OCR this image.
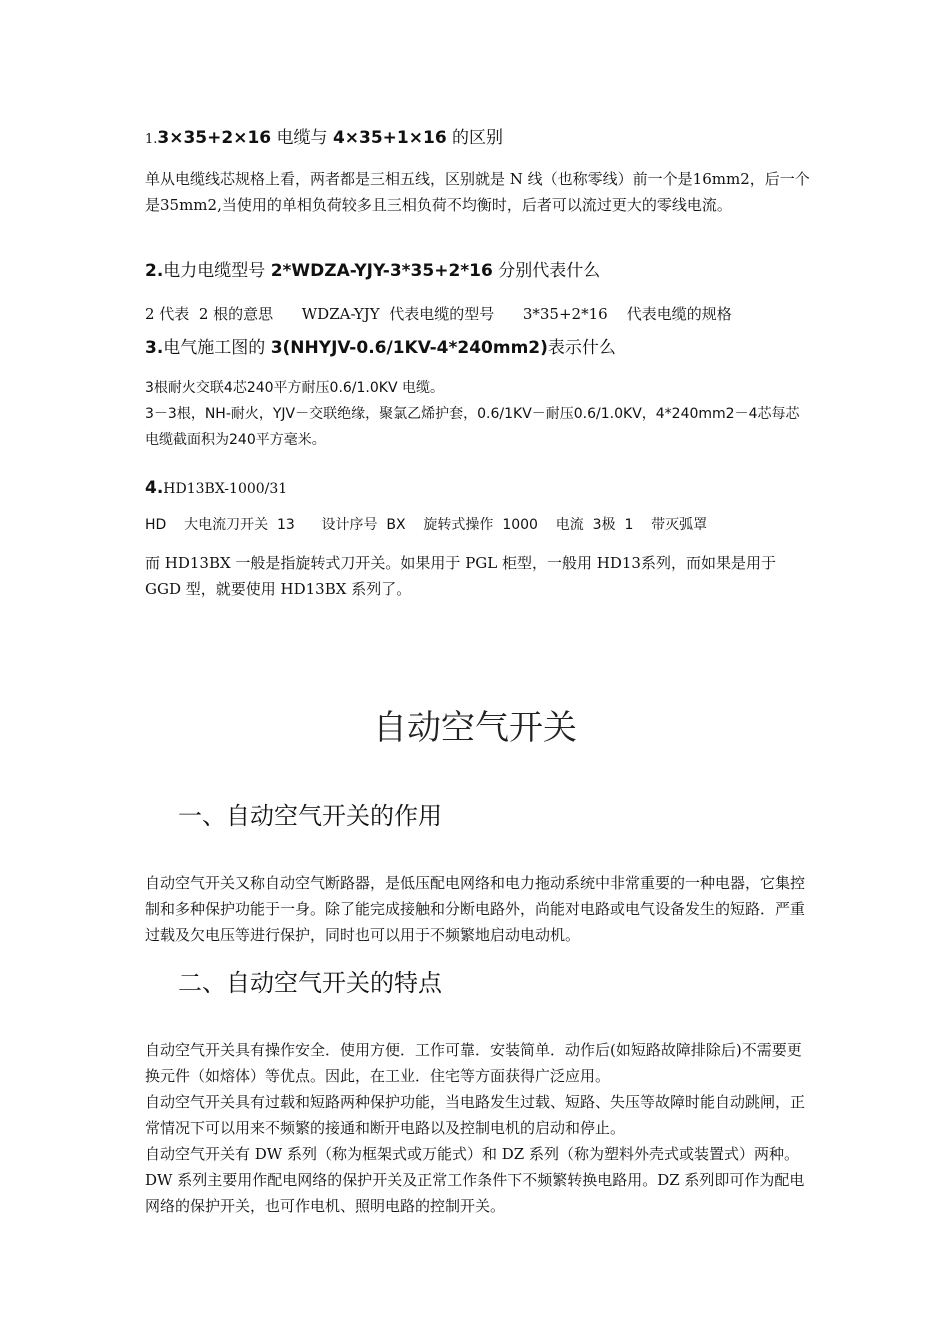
1.3×35+2×16 电缆与 4×35+1×16 的区别
单从电缆线芯规格上看，两者都是三相五线，区别就是 N 线（也称零线）前一个是16mm2，后一个是35mm2,当使用的单相负荷较多且三相负荷不均衡时，后者可以流过更大的零线电流。
2.电力电缆型号 2*WDZA-YJY-3*35+2*16 分别代表什么
2 代表  2 根的意思      WDZA-YJY  代表电缆的型号      3*35+2*16    代表电缆的规格
3.电气施工图的 3(NHYJV-0.6/1KV-4*240mm2)表示什么
3根耐火交联4芯240平方耐压0.6/1.0KV 电缆。
3－3根，NH-耐火，YJV－交联绝缘，聚氯乙烯护套，0.6/1KV－耐压0.6/1.0KV，4*240mm2－4芯每芯电缆截面积为240平方毫米。
4.HD13BX-1000/31
HD    大电流刀开关  13      设计序号  BX    旋转式操作  1000    电流  3极  1    带灭弧罩
而 HD13BX 一般是指旋转式刀开关。如果用于 PGL 柜型，一般用 HD13系列，而如果是用于 GGD 型，就要使用 HD13BX 系列了。
自动空气开关
一、自动空气开关的作用
自动空气开关又称自动空气断路器，是低压配电网络和电力拖动系统中非常重要的一种电器，它集控制和多种保护功能于一身。除了能完成接触和分断电路外，尚能对电路或电气设备发生的短路．严重过载及欠电压等进行保护，同时也可以用于不频繁地启动电动机。
二、自动空气开关的特点
自动空气开关具有操作安全．使用方便．工作可靠．安装简单．动作后(如短路故障排除后)不需要更换元件（如熔体）等优点。因此，在工业．住宅等方面获得广泛应用。
自动空气开关具有过载和短路两种保护功能，当电路发生过载、短路、失压等故障时能自动跳闸，正常情况下可以用来不频繁的接通和断开电路以及控制电机的启动和停止。
自动空气开关有 DW 系列（称为框架式或万能式）和 DZ 系列（称为塑料外壳式或装置式）两种。DW 系列主要用作配电网络的保护开关及正常工作条件下不频繁转换电路用。DZ 系列即可作为配电网络的保护开关，也可作电机、照明电路的控制开关。
